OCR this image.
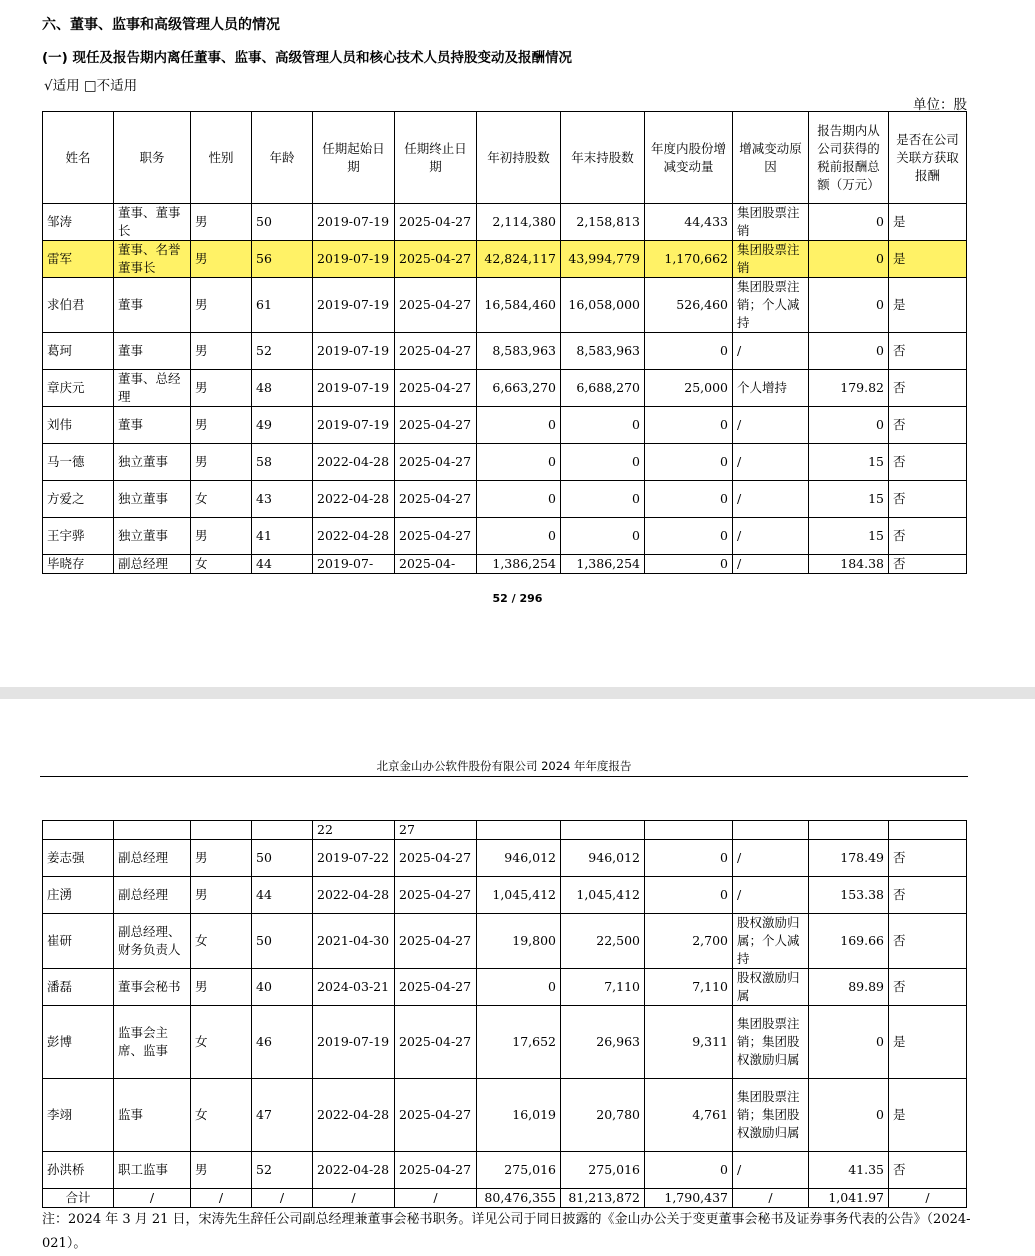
六、董事、监事和高级管理人员的情况
(一) 现任及报告期内离任董事、监事、高级管理人员和核心技术人员持股变动及报酬情况
√适用 □不适用
单位：股
姓名	职务	性别	年龄	任期起始日期	任期终止日期	年初持股数	年末持股数	年度内股份增减变动量	增减变动原因	报告期内从公司获得的税前报酬总额（万元）	是否在公司关联方获取报酬
邹涛	董事、董事长	男	50	2019-07-19	2025-04-27	2,114,380	2,158,813	44,433	集团股票注销	0	是
雷军	董事、名誉董事长	男	56	2019-07-19	2025-04-27	42,824,117	43,994,779	1,170,662	集团股票注销	0	是
求伯君	董事	男	61	2019-07-19	2025-04-27	16,584,460	16,058,000	526,460	集团股票注销；个人减持	0	是
葛珂	董事	男	52	2019-07-19	2025-04-27	8,583,963	8,583,963	0	/	0	否
章庆元	董事、总经理	男	48	2019-07-19	2025-04-27	6,663,270	6,688,270	25,000	个人增持	179.82	否
刘伟	董事	男	49	2019-07-19	2025-04-27	0	0	0	/	0	否
马一德	独立董事	男	58	2022-04-28	2025-04-27	0	0	0	/	15	否
方爱之	独立董事	女	43	2022-04-28	2025-04-27	0	0	0	/	15	否
王宇骅	独立董事	男	41	2022-04-28	2025-04-27	0	0	0	/	15	否
毕晓存	副总经理	女	44	2019-07-	2025-04-	1,386,254	1,386,254	0	/	184.38	否
52 / 296
北京金山办公软件股份有限公司 2024 年年度报告
				22	27						
姜志强	副总经理	男	50	2019-07-22	2025-04-27	946,012	946,012	0	/	178.49	否
庄湧	副总经理	男	44	2022-04-28	2025-04-27	1,045,412	1,045,412	0	/	153.38	否
崔研	副总经理、财务负责人	女	50	2021-04-30	2025-04-27	19,800	22,500	2,700	股权激励归属；个人减持	169.66	否
潘磊	董事会秘书	男	40	2024-03-21	2025-04-27	0	7,110	7,110	股权激励归属	89.89	否
彭博	监事会主席、监事	女	46	2019-07-19	2025-04-27	17,652	26,963	9,311	集团股票注销；集团股权激励归属	0	是
李翊	监事	女	47	2022-04-28	2025-04-27	16,019	20,780	4,761	集团股票注销；集团股权激励归属	0	是
孙洪桥	职工监事	男	52	2022-04-28	2025-04-27	275,016	275,016	0	/	41.35	否
合计	/	/	/	/	/	80,476,355	81,213,872	1,790,437	/	1,041.97	/
注：2024 年 3 月 21 日，宋涛先生辞任公司副总经理兼董事会秘书职务。详见公司于同日披露的《金山办公关于变更董事会秘书及证券事务代表的公告》（2024-021）。
